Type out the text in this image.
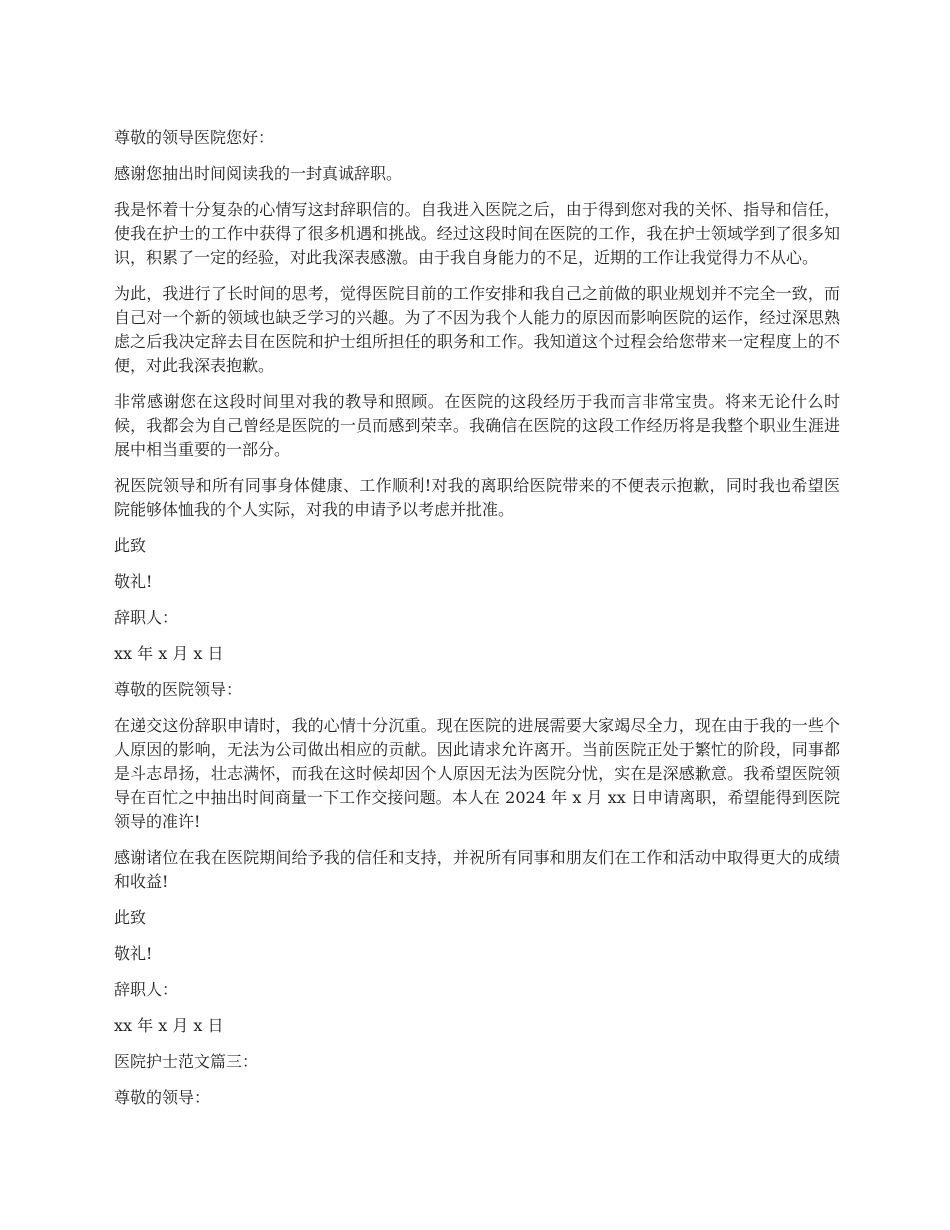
尊敬的领导医院您好：

感谢您抽出时间阅读我的一封真诚辞职。

我是怀着十分复杂的心情写这封辞职信的。自我进入医院之后，由于得到您对我的关怀、指导和信任，使我在护士的工作中获得了很多机遇和挑战。经过这段时间在医院的工作，我在护士领域学到了很多知识，积累了一定的经验，对此我深表感激。由于我自身能力的不足，近期的工作让我觉得力不从心。

为此，我进行了长时间的思考，觉得医院目前的工作安排和我自己之前做的职业规划并不完全一致，而自己对一个新的领域也缺乏学习的兴趣。为了不因为我个人能力的原因而影响医院的运作，经过深思熟虑之后我决定辞去目在医院和护士组所担任的职务和工作。我知道这个过程会给您带来一定程度上的不便，对此我深表抱歉。

非常感谢您在这段时间里对我的教导和照顾。在医院的这段经历于我而言非常宝贵。将来无论什么时候，我都会为自己曾经是医院的一员而感到荣幸。我确信在医院的这段工作经历将是我整个职业生涯进展中相当重要的一部分。

祝医院领导和所有同事身体健康、工作顺利!对我的离职给医院带来的不便表示抱歉，同时我也希望医院能够体恤我的个人实际，对我的申请予以考虑并批准。

此致

敬礼!

辞职人：

xx 年 x 月 x 日

尊敬的医院领导：

在递交这份辞职申请时，我的心情十分沉重。现在医院的进展需要大家竭尽全力，现在由于我的一些个人原因的影响，无法为公司做出相应的贡献。因此请求允许离开。当前医院正处于繁忙的阶段，同事都是斗志昂扬，壮志满怀，而我在这时候却因个人原因无法为医院分忧，实在是深感歉意。我希望医院领导在百忙之中抽出时间商量一下工作交接问题。本人在 2024 年 x 月 xx 日申请离职，希望能得到医院领导的准许!

感谢诸位在我在医院期间给予我的信任和支持，并祝所有同事和朋友们在工作和活动中取得更大的成绩和收益!

此致

敬礼!

辞职人：

xx 年 x 月 x 日

医院护士范文篇三：

尊敬的领导：
